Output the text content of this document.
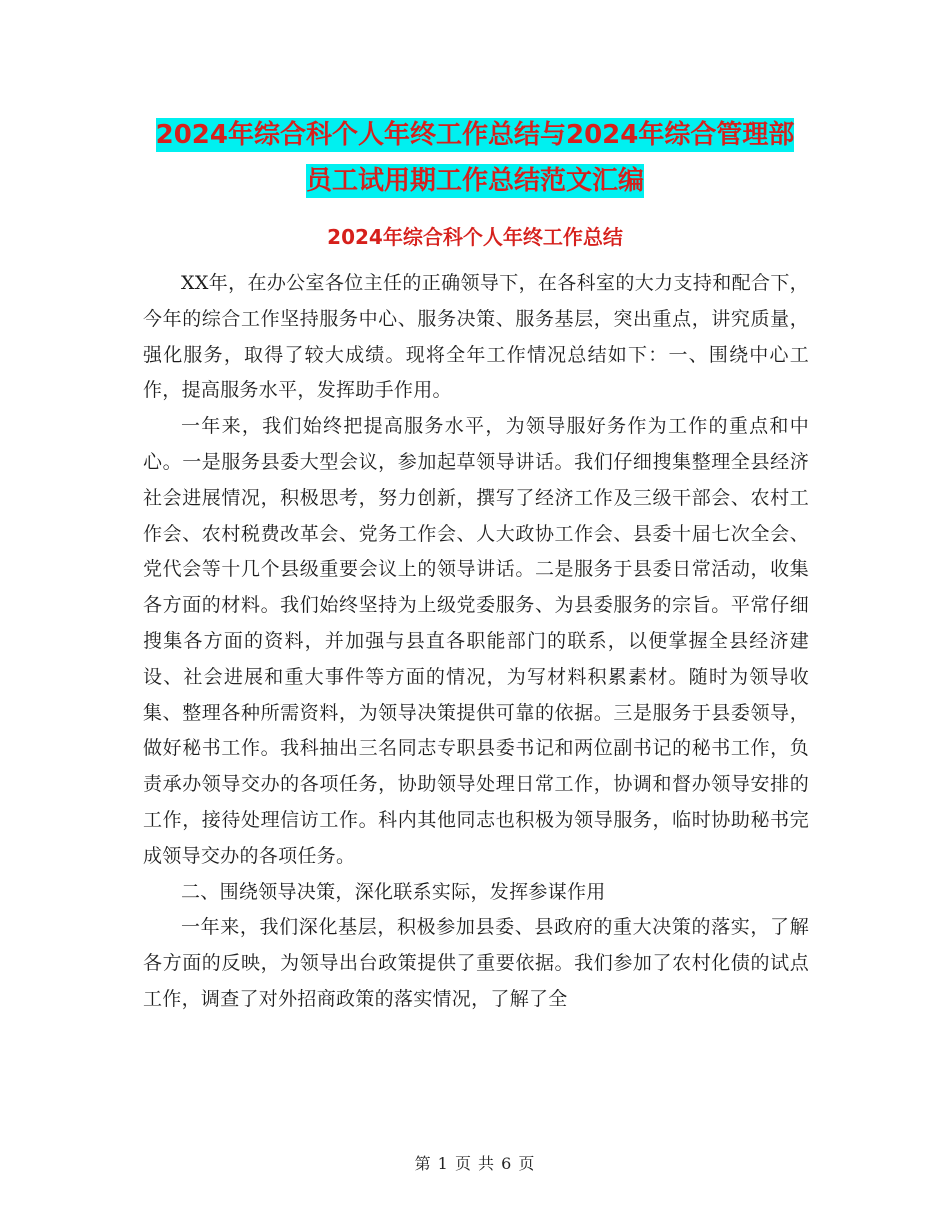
2024年综合科个人年终工作总结与2024年综合管理部
员工试用期工作总结范文汇编
2024年综合科个人年终工作总结

XX年，在办公室各位主任的正确领导下，在各科室的大力支持和配合下，今年的综合工作坚持服务中心、服务决策、服务基层，突出重点，讲究质量，强化服务，取得了较大成绩。现将全年工作情况总结如下：一、围绕中心工作，提高服务水平，发挥助手作用。

一年来，我们始终把提高服务水平，为领导服好务作为工作的重点和中心。一是服务县委大型会议，参加起草领导讲话。我们仔细搜集整理全县经济社会进展情况，积极思考，努力创新，撰写了经济工作及三级干部会、农村工作会、农村税费改革会、党务工作会、人大政协工作会、县委十届七次全会、党代会等十几个县级重要会议上的领导讲话。二是服务于县委日常活动，收集各方面的材料。我们始终坚持为上级党委服务、为县委服务的宗旨。平常仔细搜集各方面的资料，并加强与县直各职能部门的联系，以便掌握全县经济建设、社会进展和重大事件等方面的情况，为写材料积累素材。随时为领导收集、整理各种所需资料，为领导决策提供可靠的依据。三是服务于县委领导，做好秘书工作。我科抽出三名同志专职县委书记和两位副书记的秘书工作，负责承办领导交办的各项任务，协助领导处理日常工作，协调和督办领导安排的工作，接待处理信访工作。科内其他同志也积极为领导服务，临时协助秘书完成领导交办的各项任务。

二、围绕领导决策，深化联系实际，发挥参谋作用

一年来，我们深化基层，积极参加县委、县政府的重大决策的落实，了解各方面的反映，为领导出台政策提供了重要依据。我们参加了农村化债的试点工作，调查了对外招商政策的落实情况，了解了全

第 1 页 共 6 页
